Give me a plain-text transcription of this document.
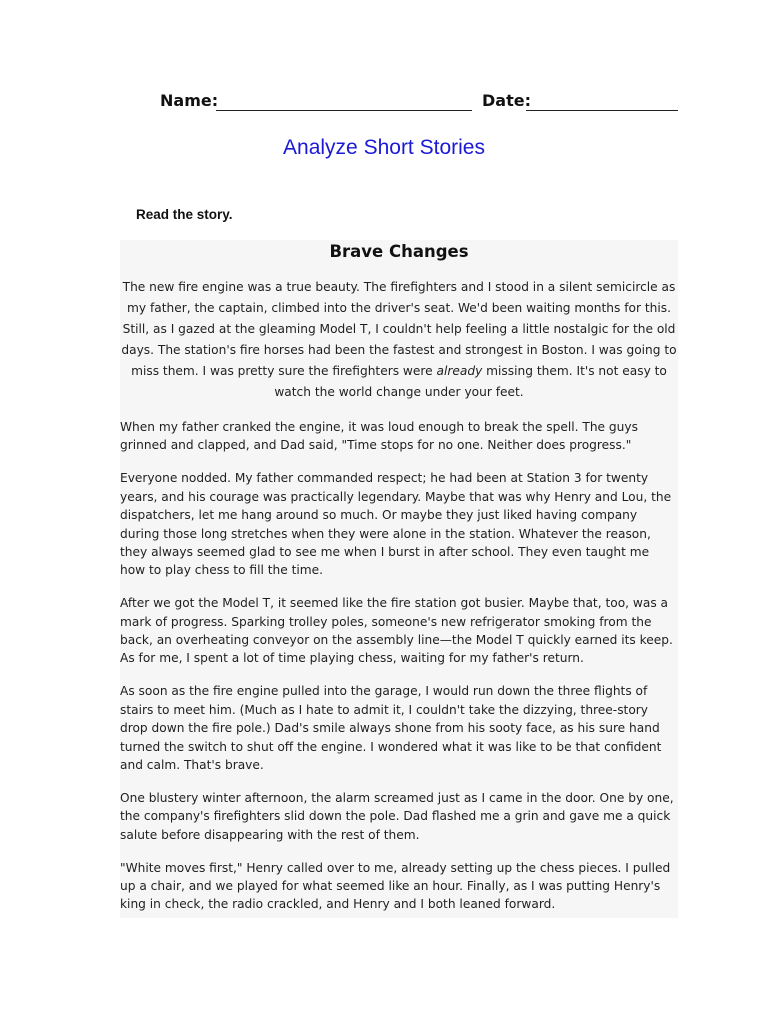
Name:	Date:
Analyze Short Stories
Read the story.
Brave Changes

The new fire engine was a true beauty. The firefighters and I stood in a silent semicircle as my father, the captain, climbed into the driver's seat. We'd been waiting months for this. Still, as I gazed at the gleaming Model T, I couldn't help feeling a little nostalgic for the old days. The station's fire horses had been the fastest and strongest in Boston. I was going to miss them. I was pretty sure the firefighters were already missing them. It's not easy to watch the world change under your feet.

When my father cranked the engine, it was loud enough to break the spell. The guys grinned and clapped, and Dad said, "Time stops for no one. Neither does progress."

Everyone nodded. My father commanded respect; he had been at Station 3 for twenty years, and his courage was practically legendary. Maybe that was why Henry and Lou, the dispatchers, let me hang around so much. Or maybe they just liked having company during those long stretches when they were alone in the station. Whatever the reason, they always seemed glad to see me when I burst in after school. They even taught me how to play chess to fill the time.

After we got the Model T, it seemed like the fire station got busier. Maybe that, too, was a mark of progress. Sparking trolley poles, someone's new refrigerator smoking from the back, an overheating conveyor on the assembly line—the Model T quickly earned its keep. As for me, I spent a lot of time playing chess, waiting for my father's return.

As soon as the fire engine pulled into the garage, I would run down the three flights of stairs to meet him. (Much as I hate to admit it, I couldn't take the dizzying, three-story drop down the fire pole.) Dad's smile always shone from his sooty face, as his sure hand turned the switch to shut off the engine. I wondered what it was like to be that confident and calm. That's brave.

One blustery winter afternoon, the alarm screamed just as I came in the door. One by one, the company's firefighters slid down the pole. Dad flashed me a grin and gave me a quick salute before disappearing with the rest of them.

"White moves first," Henry called over to me, already setting up the chess pieces. I pulled up a chair, and we played for what seemed like an hour. Finally, as I was putting Henry's king in check, the radio crackled, and Henry and I both leaned forward.
